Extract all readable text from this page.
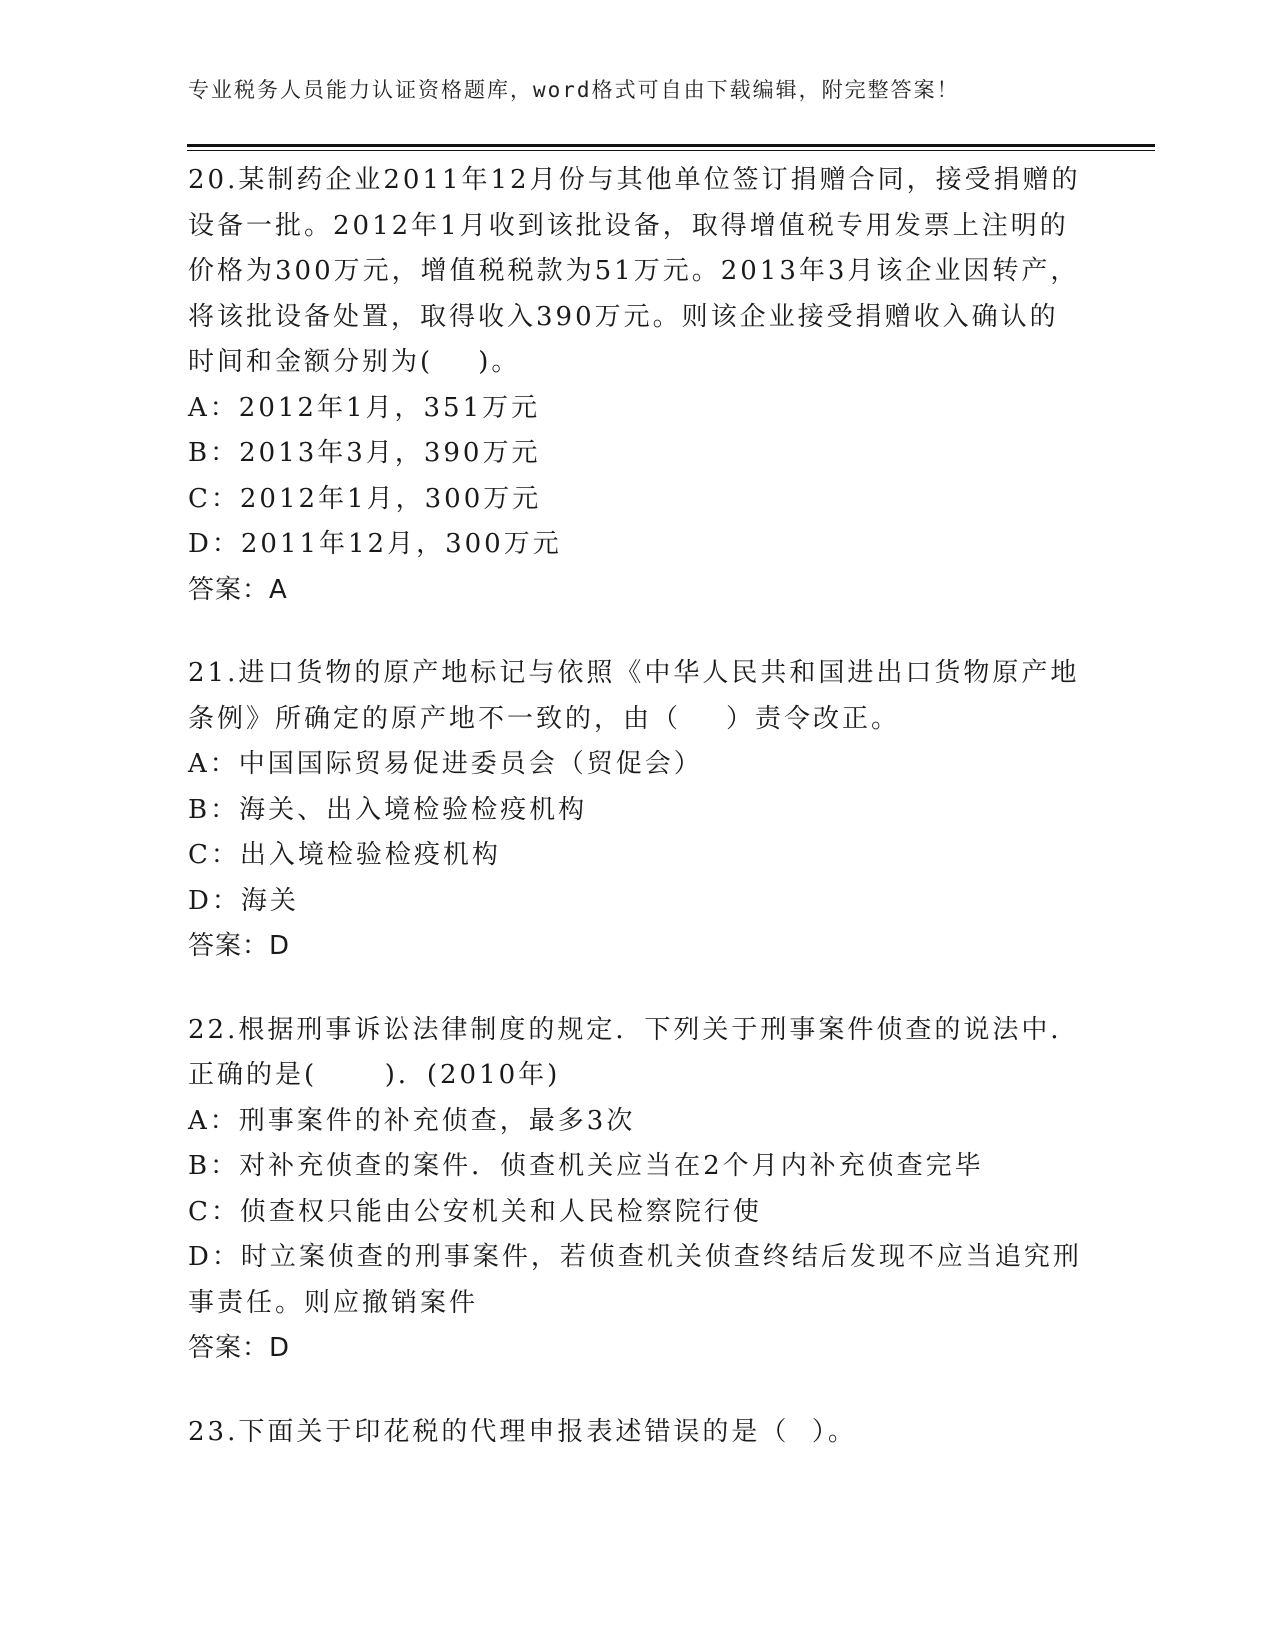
专业税务人员能力认证资格题库，word格式可自由下载编辑，附完整答案！

20.某制药企业2011年12月份与其他单位签订捐赠合同，接受捐赠的

设备一批。2012年1月收到该批设备，取得增值税专用发票上注明的

价格为300万元，增值税税款为51万元。2013年3月该企业因转产，

将该批设备处置，取得收入390万元。则该企业接受捐赠收入确认的

时间和金额分别为(    )。

A：2012年1月，351万元

B：2013年3月，390万元

C：2012年1月，300万元

D：2011年12月，300万元

答案：A

21.进口货物的原产地标记与依照《中华人民共和国进出口货物原产地

条例》所确定的原产地不一致的，由（    ）责令改正。

A：中国国际贸易促进委员会（贸促会）

B：海关、出入境检验检疫机构

C：出入境检验检疫机构

D：海关

答案：D

22.根据刑事诉讼法律制度的规定．下列关于刑事案件侦查的说法中．

正确的是(      )．(2010年)

A：刑事案件的补充侦查，最多3次

B：对补充侦查的案件．侦查机关应当在2个月内补充侦查完毕

C：侦查权只能由公安机关和人民检察院行使

D：时立案侦查的刑事案件，若侦查机关侦查终结后发现不应当追究刑

事责任。则应撤销案件

答案：D

23.下面关于印花税的代理申报表述错误的是（  ）。
